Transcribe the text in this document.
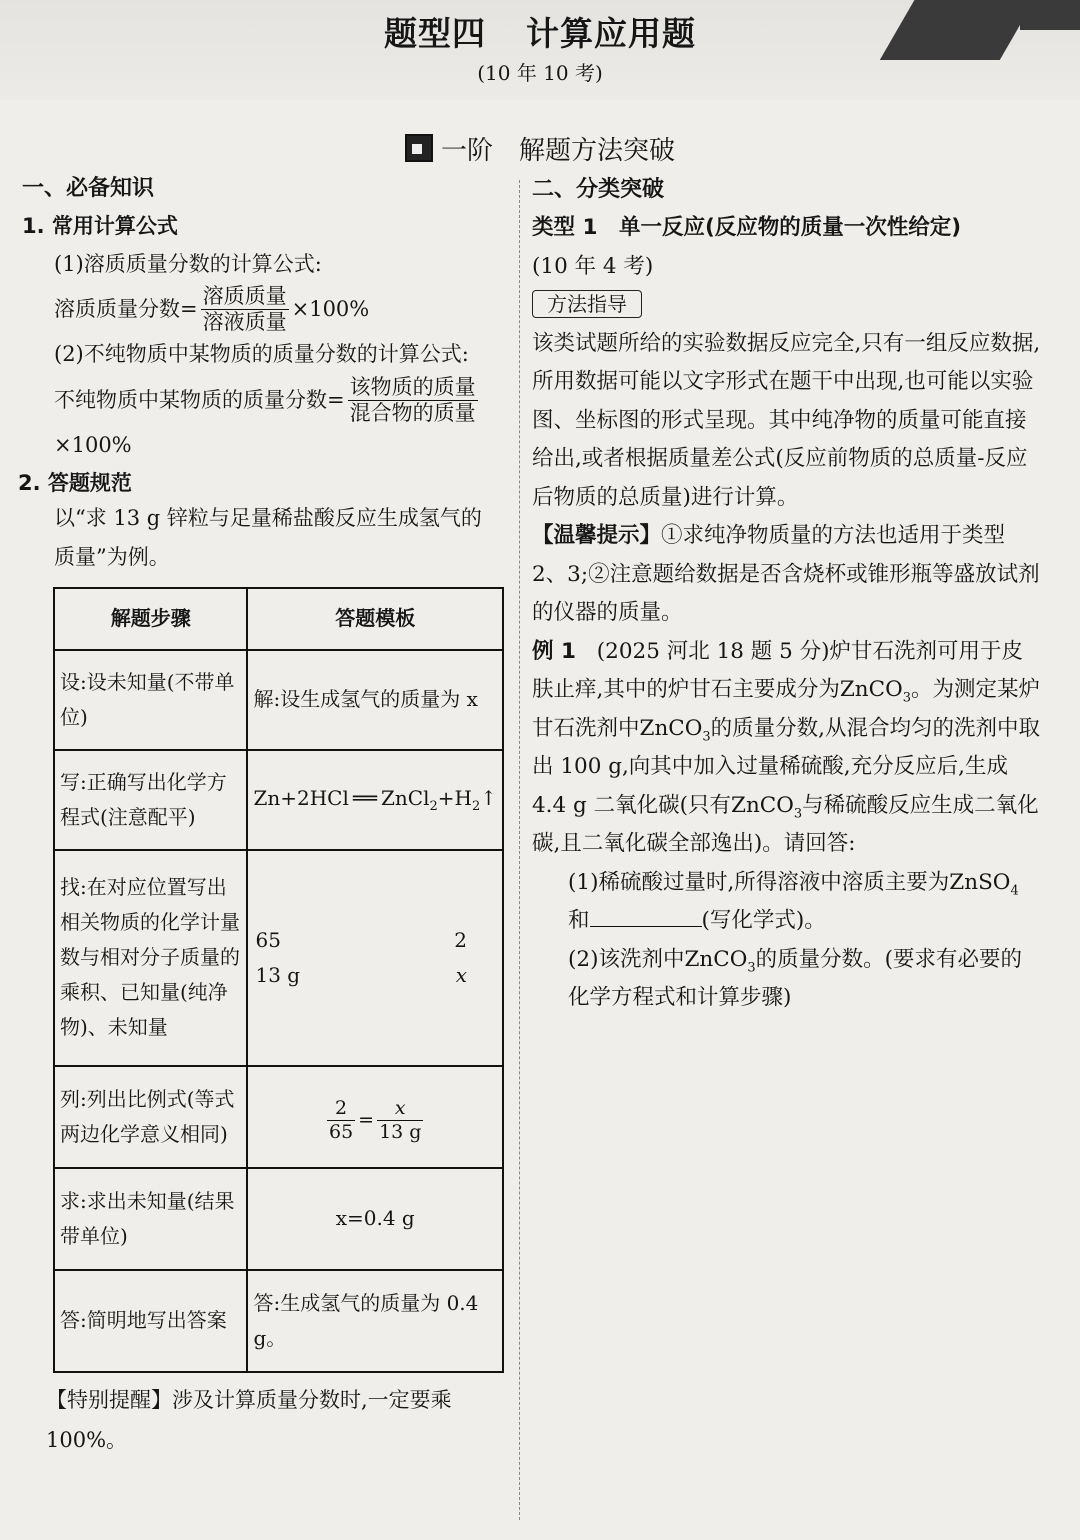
题型四 计算应用题
(10 年 10 考)
一阶　解题方法突破
一、必备知识
1. 常用计算公式
(1)溶质质量分数的计算公式:
溶质质量分数= $\frac{\text{溶质质量}}{\text{溶液质量}} \times 100\%$
(2)不纯物质中某物质的质量分数的计算公式:
不纯物质中某物质的质量分数= $\frac{\text{该物质的质量}}{\text{混合物的质量}}$
×100%
2. 答题规范
以“求 13 g 锌粒与足量稀盐酸反应生成氢气的
质量”为例。
解题步骤	答题模板
设:设未知量(不带单位)	解:设生成氢气的质量为 x
写:正确写出化学方程式(注意配平)	Zn+2HCl ══ $ZnCl_2+H_2↑$
找:在对应位置写出相关物质的化学计量数与相对分子质量的乘积、已知量(纯净物)、未知量	65 2
13 g x

列:列出比例式(等式两边化学意义相同)	$\frac{2}{65} = \frac{x}{13 g}$

求:求出未知量(结果带单位)	x=0.4 g
答:简明地写出答案	答:生成氢气的质量为 0.4 g。
【特别提醒】涉及计算质量分数时,一定要乘 100%。
二、分类突破
类型 1　单一反应(反应物的质量一次性给定)
(10 年 4 考)
方法指导
该类试题所给的实验数据反应完全,只有一组反应数据,所用数据可能以文字形式在题干中出现,也可能以实验图、坐标图的形式呈现。其中纯净物的质量可能直接给出,或者根据质量差公式(反应前物质的总质量-反应后物质的总质量)进行计算。
【温馨提示】①求纯净物质量的方法也适用于类型 2、3;②注意题给数据是否含烧杯或锥形瓶等盛放试剂的仪器的质量。
例 1 (2025 河北 18 题 5 分)炉甘石洗剂可用于皮肤止痒,其中的炉甘石主要成分为ZnCO$_3$。为测定某炉甘石洗剂中ZnCO$_3$的质量分数,从混合均匀的洗剂中取出 100 g,向其中加入过量稀硫酸,充分反应后,生成 4.4 g 二氧化碳(只有ZnCO$_3$与稀硫酸反应生成二氧化碳,且二氧化碳全部逸出)。请回答:
(1)稀硫酸过量时,所得溶液中溶质主要为ZnSO$_4$ 和	(写化学式)。
(2)该洗剂中ZnCO$_3$的质量分数。(要求有必要的化学方程式和计算步骤)
